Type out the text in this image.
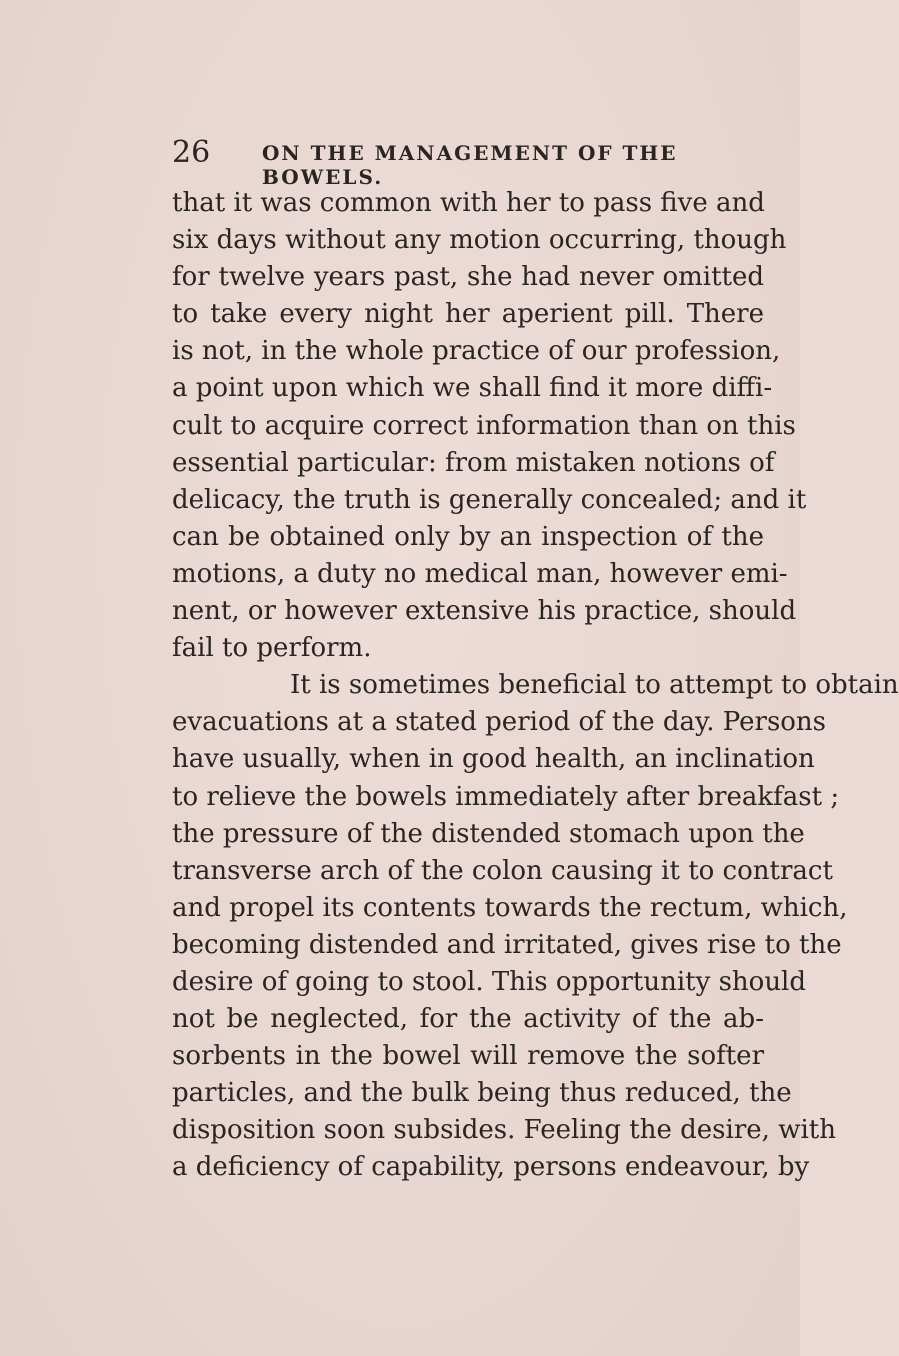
26	ON THE MANAGEMENT OF THE BOWELS.
that it was common with her to pass five and
six days without any motion occurring, though
for twelve years past, she had never omitted
to take every night her aperient pill. There
is not, in the whole practice of our profession,
a point upon which we shall find it more diffi-
cult to acquire correct information than on this
essential particular: from mistaken notions of
delicacy, the truth is generally concealed; and it
can be obtained only by an inspection of the
motions, a duty no medical man, however emi-
nent, or however extensive his practice, should
fail to perform.
It is sometimes beneficial to attempt to obtain
evacuations at a stated period of the day. Persons
have usually, when in good health, an inclination
to relieve the bowels immediately after breakfast ;
the pressure of the distended stomach upon the
transverse arch of the colon causing it to contract
and propel its contents towards the rectum, which,
becoming distended and irritated, gives rise to the
desire of going to stool. This opportunity should
not be neglected, for the activity of the ab-
sorbents in the bowel will remove the softer
particles, and the bulk being thus reduced, the
disposition soon subsides. Feeling the desire, with
a deficiency of capability, persons endeavour, by
